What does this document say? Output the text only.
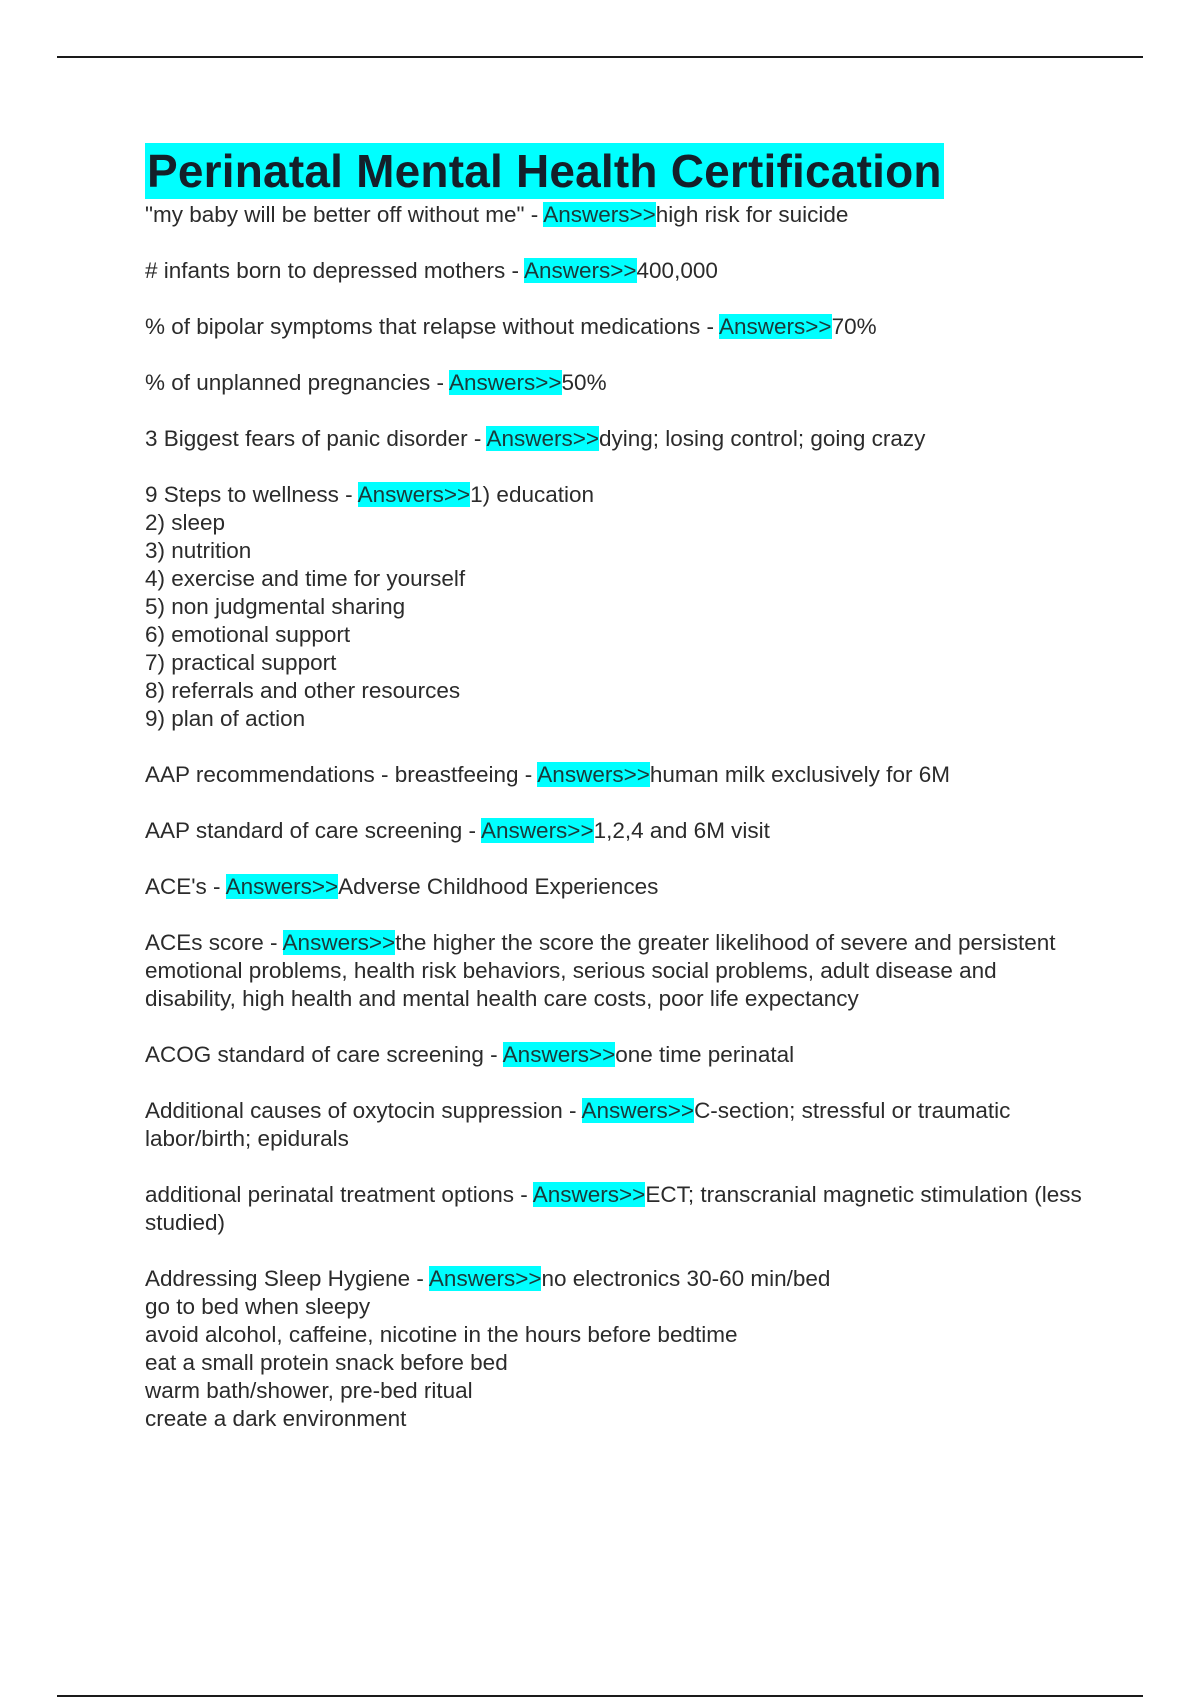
Perinatal Mental Health Certification
"my baby will be better off without me" - Answers>>high risk for suicide
# infants born to depressed mothers - Answers>>400,000
% of bipolar symptoms that relapse without medications - Answers>>70%
% of unplanned pregnancies - Answers>>50%
3 Biggest fears of panic disorder - Answers>>dying; losing control; going crazy
9 Steps to wellness - Answers>>1) education
2) sleep
3) nutrition
4) exercise and time for yourself
5) non judgmental sharing
6) emotional support
7) practical support
8) referrals and other resources
9) plan of action
AAP recommendations - breastfeeing - Answers>>human milk exclusively for 6M
AAP standard of care screening - Answers>>1,2,4 and 6M visit
ACE's - Answers>>Adverse Childhood Experiences
ACEs score - Answers>>the higher the score the greater likelihood of severe and persistent emotional problems, health risk behaviors, serious social problems, adult disease and disability, high health and mental health care costs, poor life expectancy
ACOG standard of care screening - Answers>>one time perinatal
Additional causes of oxytocin suppression - Answers>>C-section; stressful or traumatic labor/birth; epidurals
additional perinatal treatment options - Answers>>ECT; transcranial magnetic stimulation (less studied)
Addressing Sleep Hygiene - Answers>>no electronics 30-60 min/bed
go to bed when sleepy
avoid alcohol, caffeine, nicotine in the hours before bedtime
eat a small protein snack before bed
warm bath/shower, pre-bed ritual
create a dark environment
